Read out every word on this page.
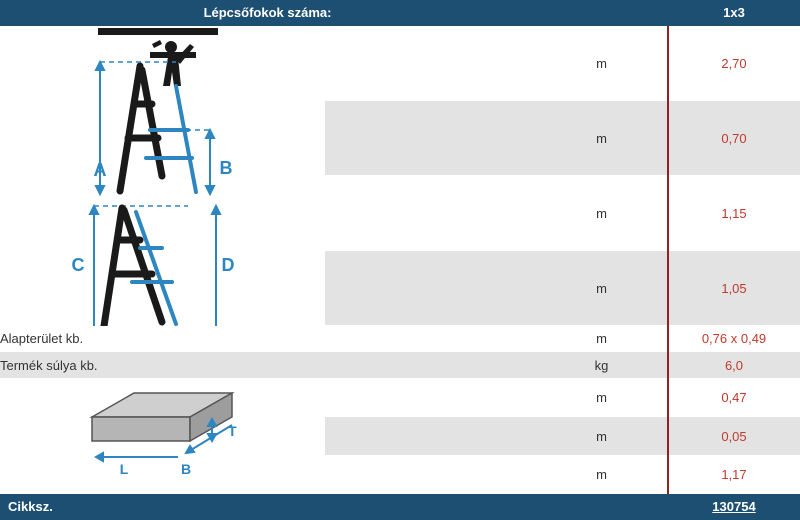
m	2,70
m	0,70
m	1,15
m	1,05
Alapterület kb.	m	0,76 x 0,49
Termék súlya kb.	kg	6,0
m	0,47
m	0,05
m	1,17
A	B
C	D
T
L	B
Lépcsőfokok száma:	1x3
Cikksz.	130754
